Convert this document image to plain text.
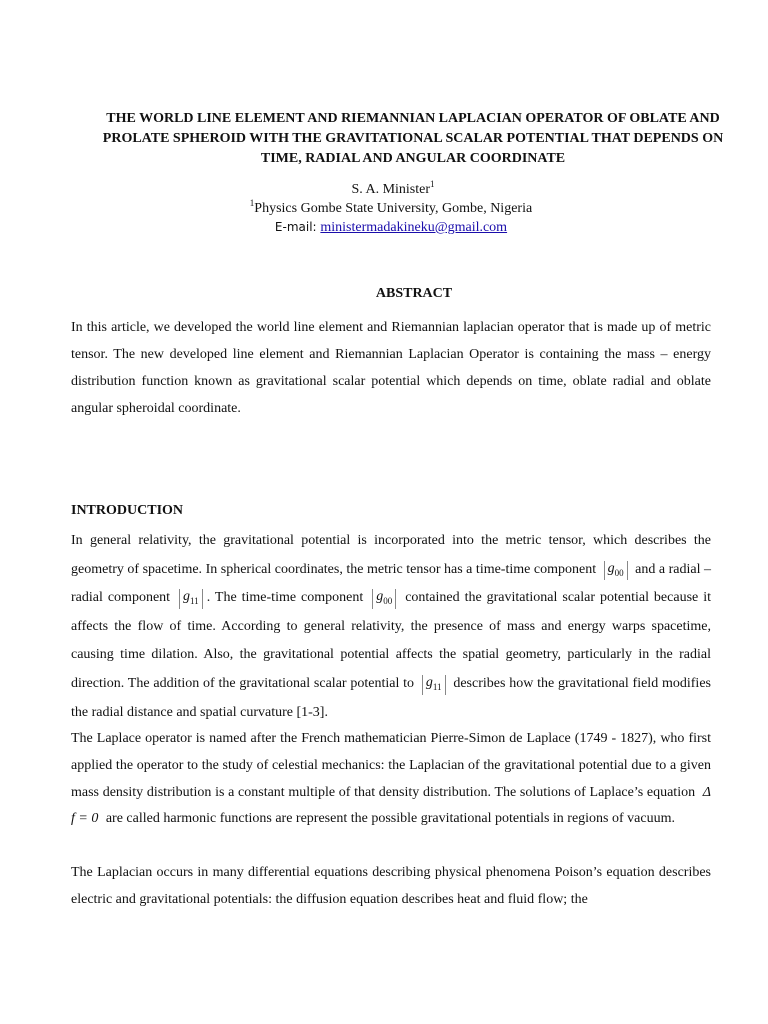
THE WORLD LINE ELEMENT AND RIEMANNIAN LAPLACIAN OPERATOR OF OBLATE AND PROLATE SPHEROID WITH THE GRAVITATIONAL SCALAR POTENTIAL THAT DEPENDS ON TIME, RADIAL AND ANGULAR COORDINATE
S. A. Minister$^1$
$^1$Physics Gombe State University, Gombe, Nigeria
E-mail: ministermadakineku@gmail.com
ABSTRACT

In this article, we developed the world line element and Riemannian laplacian operator that is made up of metric tensor. The new developed line element and Riemannian Laplacian Operator is containing the mass – energy distribution function known as gravitational scalar potential which depends on time, oblate radial and oblate angular spheroidal coordinate.

INTRODUCTION

In general relativity, the gravitational potential is incorporated into the metric tensor, which describes the geometry of spacetime. In spherical coordinates, the metric tensor has a time-time component $g_{00}$ and a radial – radial component $g_{11}$ . The time-time component $g_{00}$ contained the gravitational scalar potential because it affects the flow of time. According to general relativity, the presence of mass and energy warps spacetime, causing time dilation. Also, the gravitational potential affects the spatial geometry, particularly in the radial direction. The addition of the gravitational scalar potential to $g_{11}$ describes how the gravitational field modifies the radial distance and spatial curvature [1-3].

The Laplace operator is named after the French mathematician Pierre-Simon de Laplace (1749 - 1827), who first applied the operator to the study of celestial mechanics: the Laplacian of the gravitational potential due to a given mass density distribution is a constant multiple of that density distribution. The solutions of Laplace’s equation Δ f = 0 are called harmonic functions are represent the possible gravitational potentials in regions of vacuum.

The Laplacian occurs in many differential equations describing physical phenomena Poison’s equation describes electric and gravitational potentials: the diffusion equation describes heat and fluid flow; the
